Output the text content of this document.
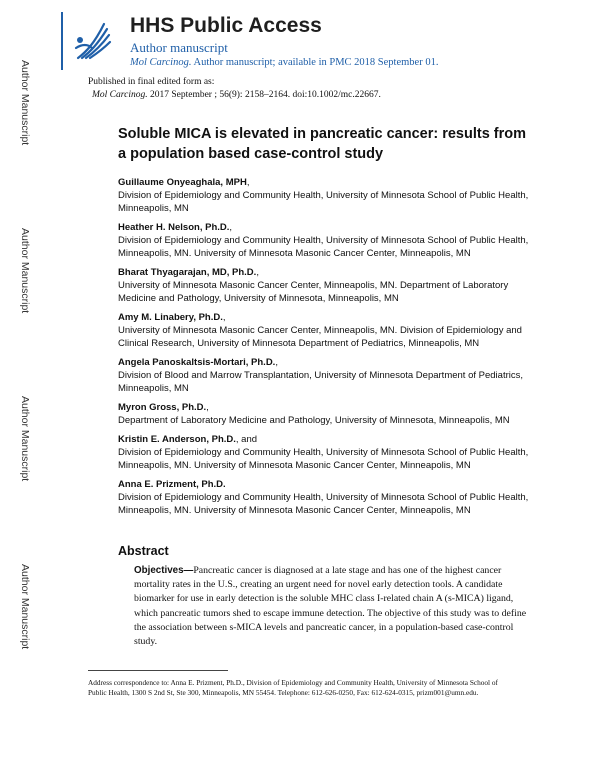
Author Manuscript
Author Manuscript
Author Manuscript
Author Manuscript
HHS Public Access
Author manuscript
Mol Carcinog. Author manuscript; available in PMC 2018 September 01.
Published in final edited form as:
Mol Carcinog. 2017 September ; 56(9): 2158–2164. doi:10.1002/mc.22667.
Soluble MICA is elevated in pancreatic cancer: results from a population based case-control study
Guillaume Onyeaghala, MPH,
Division of Epidemiology and Community Health, University of Minnesota School of Public Health, Minneapolis, MN
Heather H. Nelson, Ph.D.,
Division of Epidemiology and Community Health, University of Minnesota School of Public Health, Minneapolis, MN. University of Minnesota Masonic Cancer Center, Minneapolis, MN
Bharat Thyagarajan, MD, Ph.D.,
University of Minnesota Masonic Cancer Center, Minneapolis, MN. Department of Laboratory Medicine and Pathology, University of Minnesota, Minneapolis, MN
Amy M. Linabery, Ph.D.,
University of Minnesota Masonic Cancer Center, Minneapolis, MN. Division of Epidemiology and Clinical Research, University of Minnesota Department of Pediatrics, Minneapolis, MN
Angela Panoskaltsis-Mortari, Ph.D.,
Division of Blood and Marrow Transplantation, University of Minnesota Department of Pediatrics, Minneapolis, MN
Myron Gross, Ph.D.,
Department of Laboratory Medicine and Pathology, University of Minnesota, Minneapolis, MN
Kristin E. Anderson, Ph.D., and
Division of Epidemiology and Community Health, University of Minnesota School of Public Health, Minneapolis, MN. University of Minnesota Masonic Cancer Center, Minneapolis, MN
Anna E. Prizment, Ph.D.
Division of Epidemiology and Community Health, University of Minnesota School of Public Health, Minneapolis, MN. University of Minnesota Masonic Cancer Center, Minneapolis, MN
Abstract
Objectives—Pancreatic cancer is diagnosed at a late stage and has one of the highest cancer mortality rates in the U.S., creating an urgent need for novel early detection tools. A candidate biomarker for use in early detection is the soluble MHC class I-related chain A (s-MICA) ligand, which pancreatic tumors shed to escape immune detection. The objective of this study was to define the association between s-MICA levels and pancreatic cancer, in a population-based case-control study.
Address correspondence to: Anna E. Prizment, Ph.D., Division of Epidemiology and Community Health, University of Minnesota School of Public Health, 1300 S 2nd St, Ste 300, Minneapolis, MN 55454. Telephone: 612-626-0250, Fax: 612-624-0315, prizm001@umn.edu.
